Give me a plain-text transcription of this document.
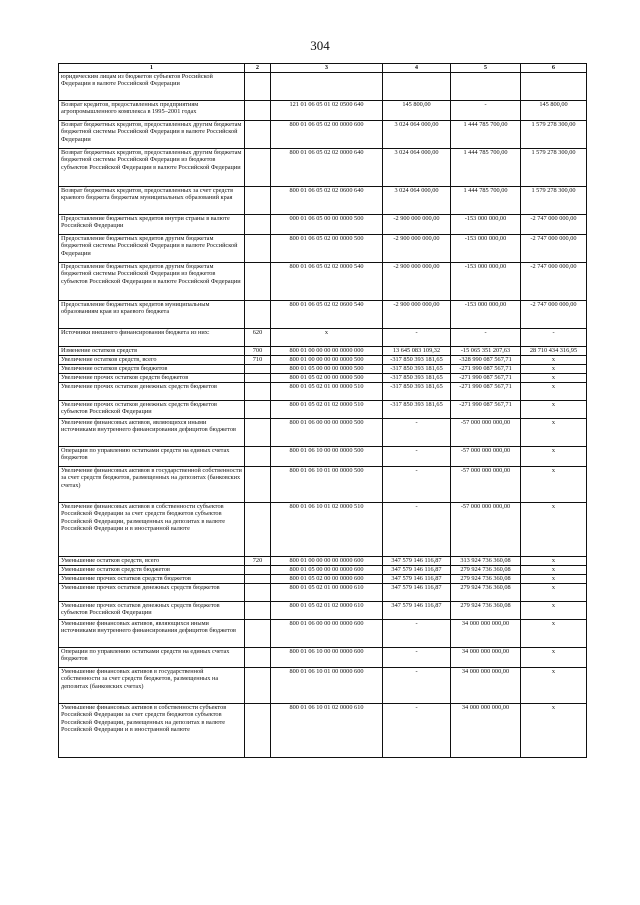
304
1	2	3	4	5	6
юридическим лицам из бюджетов субъектов Российской Федерации в валюте Российской Федерации					
Возврат кредитов, предоставленных предприятиям агропромышленного комплекса в 1995–2001 годах		121 01 06 05 01 02 0500 640	145 800,00	-	145 800,00
Возврат бюджетных кредитов, предоставленных другим бюджетам бюджетной системы Российской Федерации в валюте Российской Федерации		800 01 06 05 02 00 0000 600	3 024 064 000,00	1 444 785 700,00	1 579 278 300,00
Возврат бюджетных кредитов, предоставленных другим бюджетам бюджетной системы Российской Федерации из бюджетов субъектов Российской Федерации в валюте Российской Федерации		800 01 06 05 02 02 0000 640	3 024 064 000,00	1 444 785 700,00	1 579 278 300,00
Возврат бюджетных кредитов, предоставленных за счет средств краевого бюджета бюджетам муниципальных образований края		800 01 06 05 02 02 0600 640	3 024 064 000,00	1 444 785 700,00	1 579 278 300,00
Предоставление бюджетных кредитов внутри страны в валюте Российской Федерации		000 01 06 05 00 00 0000 500	-2 900 000 000,00	-153 000 000,00	-2 747 000 000,00
Предоставление бюджетных кредитов другим бюджетам бюджетной системы Российской Федерации в валюте Российской Федерации		800 01 06 05 02 00 0000 500	-2 900 000 000,00	-153 000 000,00	-2 747 000 000,00
Предоставление бюджетных кредитов другим бюджетам бюджетной системы Российской Федерации из бюджетов субъектов Российской Федерации в валюте Российской Федерации		800 01 06 05 02 02 0000 540	-2 900 000 000,00	-153 000 000,00	-2 747 000 000,00
Предоставление бюджетных кредитов муниципальным образованиям края из краевого бюджета		800 01 06 05 02 02 0600 540	-2 900 000 000,00	-153 000 000,00	-2 747 000 000,00
Источники внешнего финансирования бюджета из них:	620	x	-	-	-
Изменение остатков средств	700	800 01 00 00 00 00 0000 000	13 645 083 109,32	-15 065 351 207,63	28 710 434 316,95
Увеличение остатков средств, всего	710	800 01 00 00 00 00 0000 500	-317 850 393 181,65	-328 990 087 567,71	x
Увеличение остатков средств бюджетов		800 01 05 00 00 00 0000 500	-317 850 393 181,65	-271 990 087 567,71	x
Увеличение прочих остатков средств бюджетов		800 01 05 02 00 00 0000 500	-317 850 393 181,65	-271 990 087 567,71	x
Увеличение прочих остатков денежных средств бюджетов		800 01 05 02 01 00 0000 510	-317 850 393 181,65	-271 990 087 567,71	x
Увеличение прочих остатков денежных средств бюджетов субъектов Российской Федерации		800 01 05 02 01 02 0000 510	-317 850 393 181,65	-271 990 087 567,71	x
Увеличение финансовых активов, являющихся иными источниками внутреннего финансирования дефицитов бюджетов		800 01 06 00 00 00 0000 500	-	-57 000 000 000,00	x
Операции по управлению остатками средств на единых счетах бюджетов		800 01 06 10 00 00 0000 500	-	-57 000 000 000,00	x
Увеличение финансовых активов в государственной собственности за счет средств бюджетов, размещенных на депозитах (банковских счетах)		800 01 06 10 01 00 0000 500	-	-57 000 000 000,00	x
Увеличение финансовых активов в собственности субъектов Российской Федерации за счет средств бюджетов субъектов Российской Федерации, размещенных на депозитах в валюте Российской Федерации и в иностранной валюте		800 01 06 10 01 02 0000 510	-	-57 000 000 000,00	x
Уменьшение остатков средств, всего	720	800 01 00 00 00 00 0000 600	347 579 146 116,87	313 924 736 360,08	x
Уменьшение остатков средств бюджетов		800 01 05 00 00 00 0000 600	347 579 146 116,87	279 924 736 360,08	x
Уменьшение прочих остатков средств бюджетов		800 01 05 02 00 00 0000 600	347 579 146 116,87	279 924 736 360,08	x
Уменьшение прочих остатков денежных средств бюджетов		800 01 05 02 01 00 0000 610	347 579 146 116,87	279 924 736 360,08	x
Уменьшение прочих остатков денежных средств бюджетов субъектов Российской Федерации		800 01 05 02 01 02 0000 610	347 579 146 116,87	279 924 736 360,08	x
Уменьшение финансовых активов, являющихся иными источниками внутреннего финансирования дефицитов бюджетов		800 01 06 00 00 00 0000 600	-	34 000 000 000,00	x
Операции по управлению остатками средств на единых счетах бюджетов		800 01 06 10 00 00 0000 600	-	34 000 000 000,00	x
Уменьшение финансовых активов в государственной собственности за счет средств бюджетов, размещенных на депозитах (банковских счетах)		800 01 06 10 01 00 0000 600	-	34 000 000 000,00	x
Уменьшение финансовых активов в собственности субъектов Российской Федерации за счет средств бюджетов субъектов Российской Федерации, размещенных на депозитах в валюте Российской Федерации и в иностранной валюте		800 01 06 10 01 02 0000 610	-	34 000 000 000,00	x
